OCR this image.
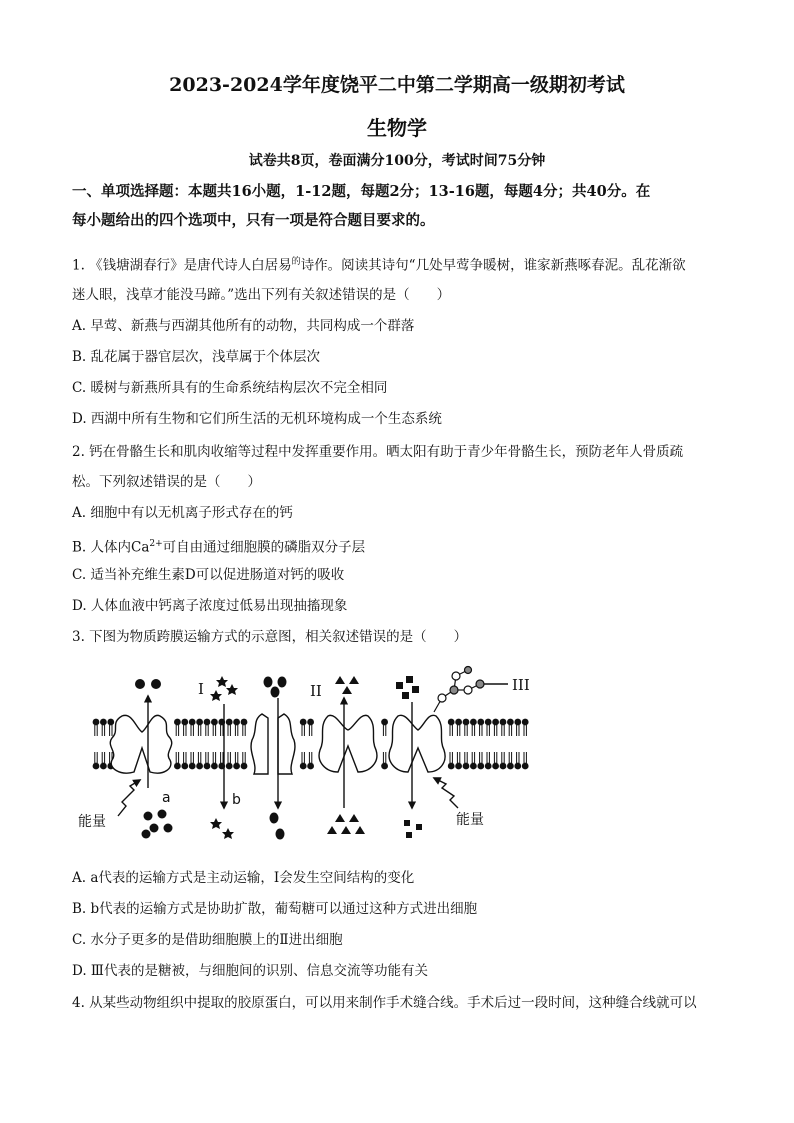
2023-2024学年度饶平二中第二学期高一级期初考试
生物学
试卷共8页，卷面满分100分，考试时间75分钟
一、单项选择题：本题共16小题，1-12题，每题2分；13-16题，每题4分；共40分。在
每小题给出的四个选项中，只有一项是符合题目要求的。
1. 《钱塘湖春行》是唐代诗人白居易$^的$诗作。阅读其诗句“几处早莺争暖树，谁家新燕啄春泥。乱花渐欲
迷人眼，浅草才能没马蹄。”选出下列有关叙述错误的是（　　）
A. 早莺、新燕与西湖其他所有的动物，共同构成一个群落
B. 乱花属于器官层次，浅草属于个体层次
C. 暖树与新燕所具有的生命系统结构层次不完全相同
D. 西湖中所有生物和它们所生活的无机环境构成一个生态系统
2. 钙在骨骼生长和肌肉收缩等过程中发挥重要作用。晒太阳有助于青少年骨骼生长，预防老年人骨质疏
松。下列叙述错误的是（　　）
A. 细胞中有以无机离子形式存在的钙
B. 人体内$Ca^{2+}$可自由通过细胞膜的磷脂双分子层
C. 适当补充维生素D可以促进肠道对钙的吸收
D. 人体血液中钙离子浓度过低易出现抽搐现象
3. 下图为物质跨膜运输方式的示意图，相关叙述错误的是（　　）
I	II	III
a	b
能量	能量
A. a代表的运输方式是主动运输，I会发生空间结构的变化
B. b代表的运输方式是协助扩散，葡萄糖可以通过这种方式进出细胞
C. 水分子更多的是借助细胞膜上的Ⅱ进出细胞
D. Ⅲ代表的是糖被，与细胞间的识别、信息交流等功能有关
4. 从某些动物组织中提取的胶原蛋白，可以用来制作手术缝合线。手术后过一段时间，这种缝合线就可以
